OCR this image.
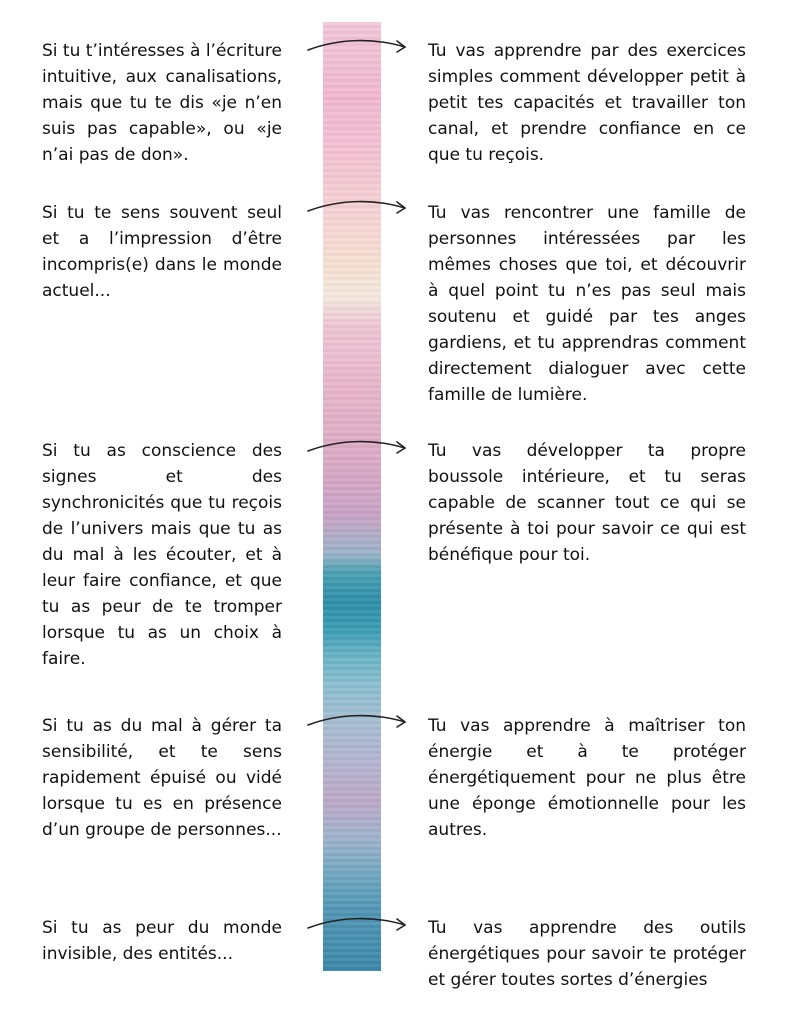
Si tu t’intéresses à l’écriture intuitive, aux canalisations, mais que tu te dis «je n’en suis pas capable», ou «je n’ai pas de don».

Tu vas apprendre par des exercices simples comment développer petit à petit tes capacités et travailler ton canal, et prendre confiance en ce que tu reçois.

Si tu te sens souvent seul et a l’impression d’être incompris(e) dans le monde actuel...

Tu vas rencontrer une famille de personnes intéressées par les mêmes choses que toi, et découvrir à quel point tu n’es pas seul mais soutenu et guidé par tes anges gardiens, et tu apprendras comment directement dialoguer avec cette famille de lumière.

Si tu as conscience des signes et des synchronicités que tu reçois de l’univers mais que tu as du mal à les écouter, et à leur faire confiance, et que tu as peur de te tromper lorsque tu as un choix à faire.

Tu vas développer ta propre boussole intérieure, et tu seras capable de scanner tout ce qui se présente à toi pour savoir ce qui est bénéfique pour toi.

Si tu as du mal à gérer ta sensibilité, et te sens rapidement épuisé ou vidé lorsque tu es en présence d’un groupe de personnes...

Tu vas apprendre à maîtriser ton énergie et à te protéger énergétiquement pour ne plus être une éponge émotionnelle pour les autres.

Si tu as peur du monde invisible, des entités...

Tu vas apprendre des outils énergétiques pour savoir te protéger et gérer toutes sortes d’énergies
